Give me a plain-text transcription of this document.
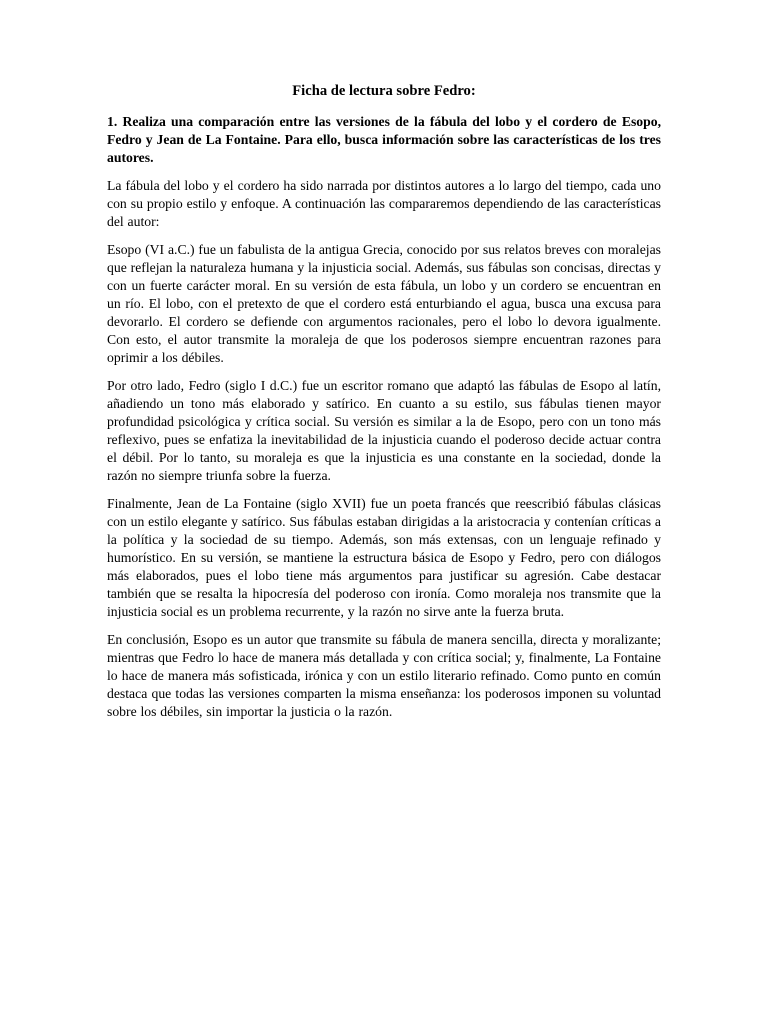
Ficha de lectura sobre Fedro:

1. Realiza una comparación entre las versiones de la fábula del lobo y el cordero de Esopo, Fedro y Jean de La Fontaine. Para ello, busca información sobre las características de los tres autores.

La fábula del lobo y el cordero ha sido narrada por distintos autores a lo largo del tiempo, cada uno con su propio estilo y enfoque. A continuación las compararemos dependiendo de las características del autor:

Esopo (VI a.C.) fue un fabulista de la antigua Grecia, conocido por sus relatos breves con moralejas que reflejan la naturaleza humana y la injusticia social. Además, sus fábulas son concisas, directas y con un fuerte carácter moral. En su versión de esta fábula, un lobo y un cordero se encuentran en un río. El lobo, con el pretexto de que el cordero está enturbiando el agua, busca una excusa para devorarlo. El cordero se defiende con argumentos racionales, pero el lobo lo devora igualmente. Con esto, el autor transmite la moraleja de que los poderosos siempre encuentran razones para oprimir a los débiles.

Por otro lado, Fedro (siglo I d.C.) fue un escritor romano que adaptó las fábulas de Esopo al latín, añadiendo un tono más elaborado y satírico. En cuanto a su estilo, sus fábulas tienen mayor profundidad psicológica y crítica social. Su versión es similar a la de Esopo, pero con un tono más reflexivo, pues se enfatiza la inevitabilidad de la injusticia cuando el poderoso decide actuar contra el débil. Por lo tanto, su moraleja es que la injusticia es una constante en la sociedad, donde la razón no siempre triunfa sobre la fuerza.

Finalmente, Jean de La Fontaine (siglo XVII) fue un poeta francés que reescribió fábulas clásicas con un estilo elegante y satírico. Sus fábulas estaban dirigidas a la aristocracia y contenían críticas a la política y la sociedad de su tiempo. Además, son más extensas, con un lenguaje refinado y humorístico. En su versión, se mantiene la estructura básica de Esopo y Fedro, pero con diálogos más elaborados, pues el lobo tiene más argumentos para justificar su agresión. Cabe destacar también que se resalta la hipocresía del poderoso con ironía. Como moraleja nos transmite que la injusticia social es un problema recurrente, y la razón no sirve ante la fuerza bruta.

En conclusión, Esopo es un autor que transmite su fábula de manera sencilla, directa y moralizante; mientras que Fedro lo hace de manera más detallada y con crítica social; y, finalmente, La Fontaine lo hace de manera más sofisticada, irónica y con un estilo literario refinado. Como punto en común destaca que todas las versiones comparten la misma enseñanza: los poderosos imponen su voluntad sobre los débiles, sin importar la justicia o la razón.
